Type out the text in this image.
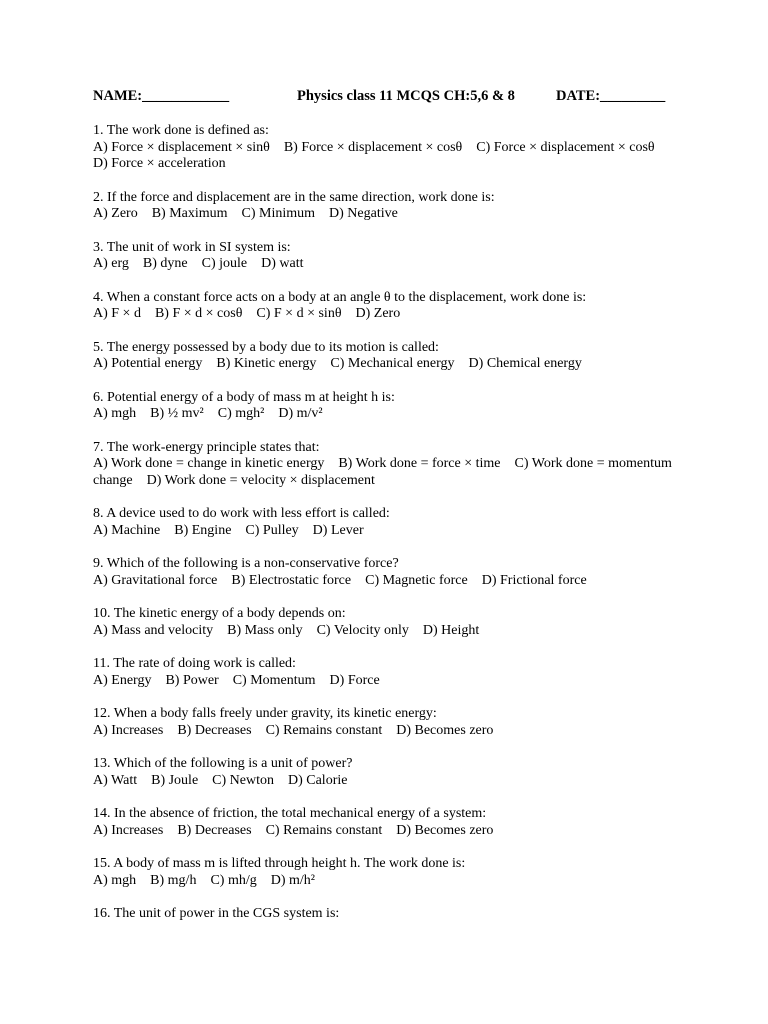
NAME:____________	Physics class 11 MCQS CH:5,6 & 8	DATE:_________
1. The work done is defined as:
A) Force × displacement × sinθ    B) Force × displacement × cosθ    C) Force × displacement × cosθ    D) Force × acceleration
2. If the force and displacement are in the same direction, work done is:
A) Zero    B) Maximum    C) Minimum    D) Negative
3. The unit of work in SI system is:
A) erg    B) dyne    C) joule    D) watt
4. When a constant force acts on a body at an angle θ to the displacement, work done is:
A) F × d    B) F × d × cosθ    C) F × d × sinθ    D) Zero
5. The energy possessed by a body due to its motion is called:
A) Potential energy    B) Kinetic energy    C) Mechanical energy    D) Chemical energy
6. Potential energy of a body of mass m at height h is:
A) mgh    B) ½ mv²    C) mgh²    D) m/v²
7. The work-energy principle states that:
A) Work done = change in kinetic energy    B) Work done = force × time    C) Work done = momentum change    D) Work done = velocity × displacement
8. A device used to do work with less effort is called:
A) Machine    B) Engine    C) Pulley    D) Lever
9. Which of the following is a non-conservative force?
A) Gravitational force    B) Electrostatic force    C) Magnetic force    D) Frictional force
10. The kinetic energy of a body depends on:
A) Mass and velocity    B) Mass only    C) Velocity only    D) Height
11. The rate of doing work is called:
A) Energy    B) Power    C) Momentum    D) Force
12. When a body falls freely under gravity, its kinetic energy:
A) Increases    B) Decreases    C) Remains constant    D) Becomes zero
13. Which of the following is a unit of power?
A) Watt    B) Joule    C) Newton    D) Calorie
14. In the absence of friction, the total mechanical energy of a system:
A) Increases    B) Decreases    C) Remains constant    D) Becomes zero
15. A body of mass m is lifted through height h. The work done is:
A) mgh    B) mg/h    C) mh/g    D) m/h²
16. The unit of power in the CGS system is:
